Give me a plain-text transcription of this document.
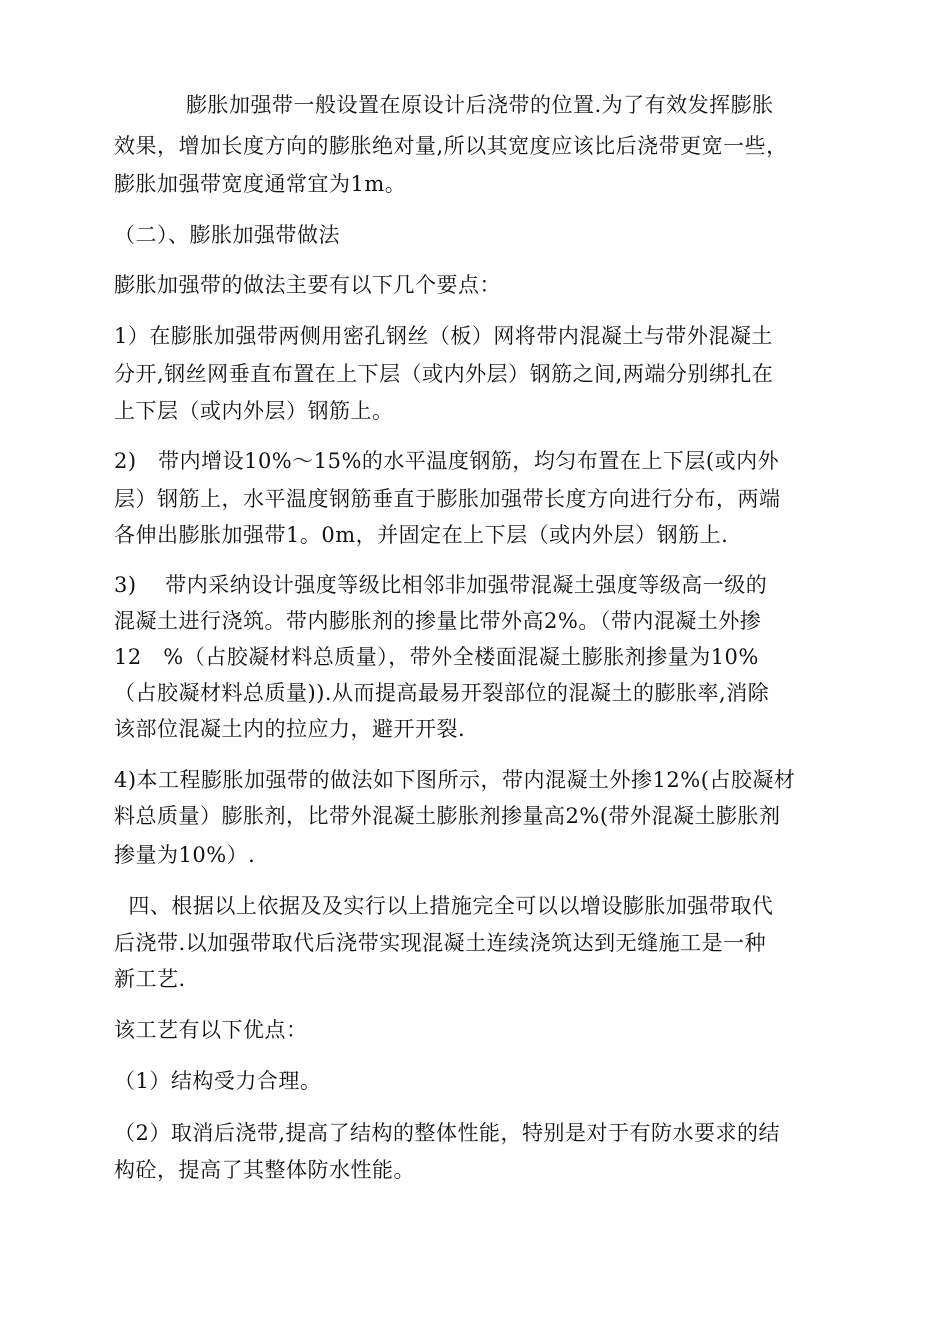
膨胀加强带一般设置在原设计后浇带的位置.为了有效发挥膨胀
效果，增加长度方向的膨胀绝对量,所以其宽度应该比后浇带更宽一些，
膨胀加强带宽度通常宜为1m。
（二）、膨胀加强带做法
膨胀加强带的做法主要有以下几个要点：
1）在膨胀加强带两侧用密孔钢丝（板）网将带内混凝土与带外混凝土
分开,钢丝网垂直布置在上下层（或内外层）钢筋之间,两端分别绑扎在
上下层（或内外层）钢筋上。
2)   带内增设10%～15%的水平温度钢筋，均匀布置在上下层(或内外
层）钢筋上，水平温度钢筋垂直于膨胀加强带长度方向进行分布，两端
各伸出膨胀加强带1。0m，并固定在上下层（或内外层）钢筋上.
3)    带内采纳设计强度等级比相邻非加强带混凝土强度等级高一级的
混凝土进行浇筑。带内膨胀剂的掺量比带外高2%。（带内混凝土外掺
12   %（占胶凝材料总质量），带外全楼面混凝土膨胀剂掺量为10%
（占胶凝材料总质量)).从而提高最易开裂部位的混凝土的膨胀率,消除
该部位混凝土内的拉应力，避开开裂.
4)本工程膨胀加强带的做法如下图所示，带内混凝土外掺12%(占胶凝材
料总质量）膨胀剂，比带外混凝土膨胀剂掺量高2%(带外混凝土膨胀剂
掺量为10%）.
四、根据以上依据及及实行以上措施完全可以以增设膨胀加强带取代
后浇带.以加强带取代后浇带实现混凝土连续浇筑达到无缝施工是一种
新工艺.
该工艺有以下优点：
（1）结构受力合理。
（2）取消后浇带,提高了结构的整体性能，特别是对于有防水要求的结
构砼，提高了其整体防水性能。
